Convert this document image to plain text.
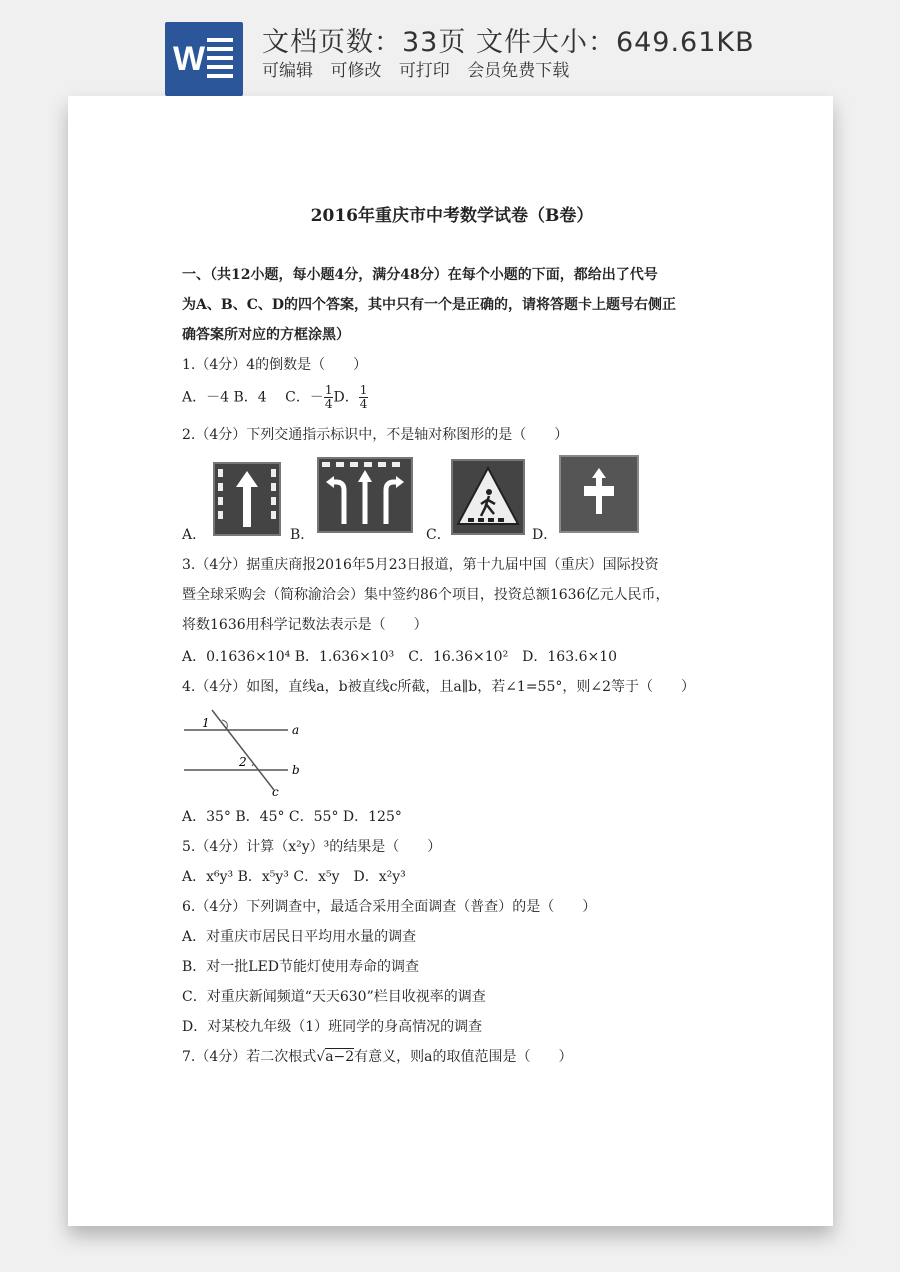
W 文档页数：33页 文件大小：649.61KB
可编辑 可修改 可打印 会员免费下载
2016年重庆市中考数学试卷（B卷）
一、（共12小题，每小题4分，满分48分）在每个小题的下面，都给出了代号
为A、B、C、D的四个答案，其中只有一个是正确的，请将答题卡上题号右侧正
确答案所对应的方框涂黑）
1.（4分）4的倒数是（　　）
A．－4 B．4　 C．－ $\frac{1}{4}$ D． $\frac{1}{4}$
2.（4分）下列交通指示标识中，不是轴对称图形的是（　　）
A．	B．	C．	D．
3.（4分）据重庆商报2016年5月23日报道，第十九届中国（重庆）国际投资
暨全球采购会（简称渝洽会）集中签约86个项目，投资总额1636亿元人民币，
将数1636用科学记数法表示是（　　）
A．0.1636×10⁴ B．1.636×10³　C．16.36×10²　D．163.6×10
4.（4分）如图，直线a，b被直线c所截，且a∥b，若∠1=55°，则∠2等于（　　）
1
2
a
b
c
A．35° B．45° C．55° D．125°
5.（4分）计算（x²y）³的结果是（　　）
A．x⁶y³ B．x⁵y³ C．x⁵y　D．x²y³
6.（4分）下列调查中，最适合采用全面调查（普查）的是（　　）
A．对重庆市居民日平均用水量的调查
B．对一批LED节能灯使用寿命的调查
C．对重庆新闻频道“天天630”栏目收视率的调查
D．对某校九年级（1）班同学的身高情况的调查
7.（4分）若二次根式√a−2有意义，则a的取值范围是（　　）
